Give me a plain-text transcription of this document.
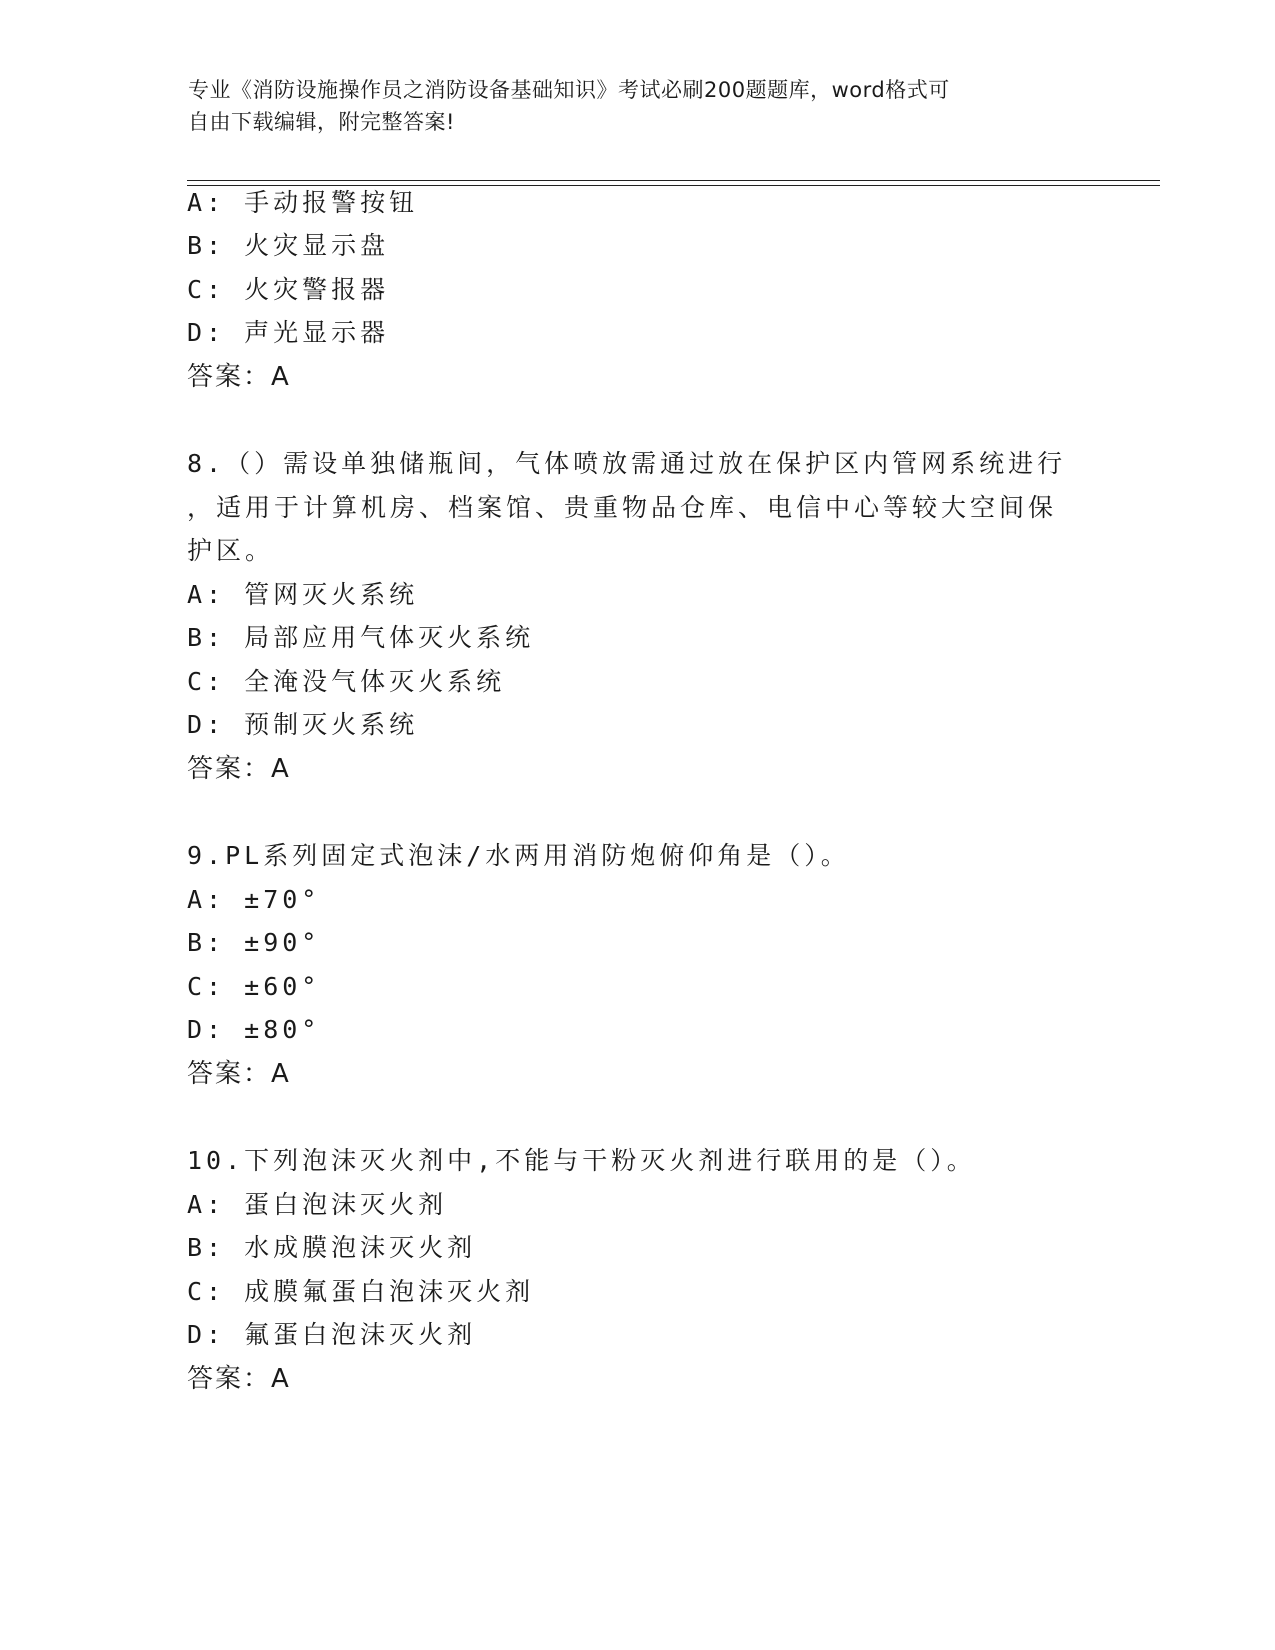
专业《消防设施操作员之消防设备基础知识》考试必刷200题题库，word格式可
自由下载编辑，附完整答案!
A: 手动报警按钮
B: 火灾显示盘
C: 火灾警报器
D: 声光显示器
答案：A
8.（）需设单独储瓶间，气体喷放需通过放在保护区内管网系统进行
，适用于计算机房、档案馆、贵重物品仓库、电信中心等较大空间保
护区。
A: 管网灭火系统
B: 局部应用气体灭火系统
C: 全淹没气体灭火系统
D: 预制灭火系统
答案：A
9.PL系列固定式泡沫/水两用消防炮俯仰角是（）。
A: ±70°
B: ±90°
C: ±60°
D: ±80°
答案：A
10.下列泡沫灭火剂中,不能与干粉灭火剂进行联用的是（）。
A: 蛋白泡沫灭火剂
B: 水成膜泡沫灭火剂
C: 成膜氟蛋白泡沫灭火剂
D: 氟蛋白泡沫灭火剂
答案：A
